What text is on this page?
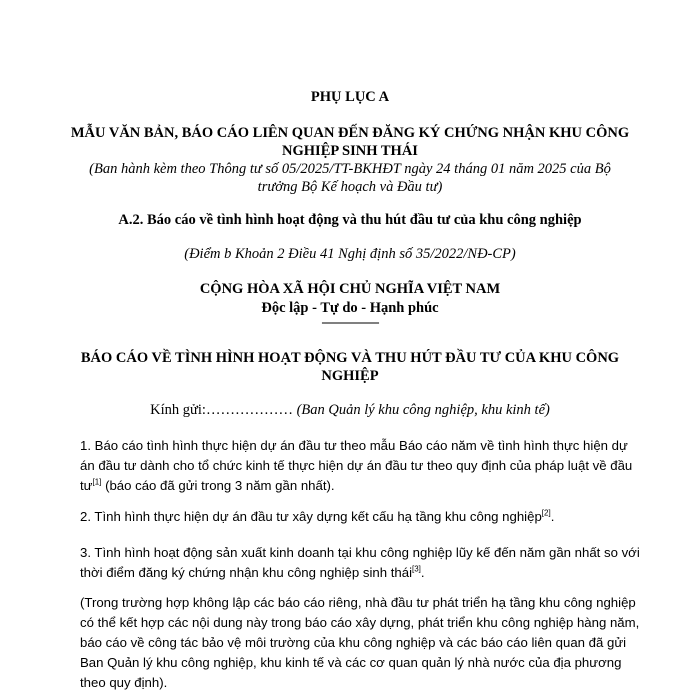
PHỤ LỤC A
MẪU VĂN BẢN, BÁO CÁO LIÊN QUAN ĐẾN ĐĂNG KÝ CHỨNG NHẬN KHU CÔNG NGHIỆP SINH THÁI
(Ban hành kèm theo Thông tư số 05/2025/TT-BKHĐT ngày 24 tháng 01 năm 2025 của Bộ trưởng Bộ Kế hoạch và Đầu tư)
A.2. Báo cáo về tình hình hoạt động và thu hút đầu tư của khu công nghiệp
(Điểm b Khoản 2 Điều 41 Nghị định số 35/2022/NĐ-CP)
CỘNG HÒA XÃ HỘI CHỦ NGHĨA VIỆT NAM
Độc lập - Tự do - Hạnh phúc
-------------------
BÁO CÁO VỀ TÌNH HÌNH HOẠT ĐỘNG VÀ THU HÚT ĐẦU TƯ CỦA KHU CÔNG NGHIỆP
Kính gửi:……………… (Ban Quản lý khu công nghiệp, khu kinh tế)
1. Báo cáo tình hình thực hiện dự án đầu tư theo mẫu Báo cáo năm về tình hình thực hiện dự án đầu tư dành cho tổ chức kinh tế thực hiện dự án đầu tư theo quy định của pháp luật về đầu tư[1] (báo cáo đã gửi trong 3 năm gần nhất).
2. Tình hình thực hiện dự án đầu tư xây dựng kết cấu hạ tầng khu công nghiệp[2].
3. Tình hình hoạt động sản xuất kinh doanh tại khu công nghiệp lũy kế đến năm gần nhất so với thời điểm đăng ký chứng nhận khu công nghiệp sinh thái[3].
(Trong trường hợp không lập các báo cáo riêng, nhà đầu tư phát triển hạ tầng khu công nghiệp có thể kết hợp các nội dung này trong báo cáo xây dựng, phát triển khu công nghiệp hàng năm, báo cáo về công tác bảo vệ môi trường của khu công nghiệp và các báo cáo liên quan đã gửi Ban Quản lý khu công nghiệp, khu kinh tế và các cơ quan quản lý nhà nước của địa phương theo quy định).
